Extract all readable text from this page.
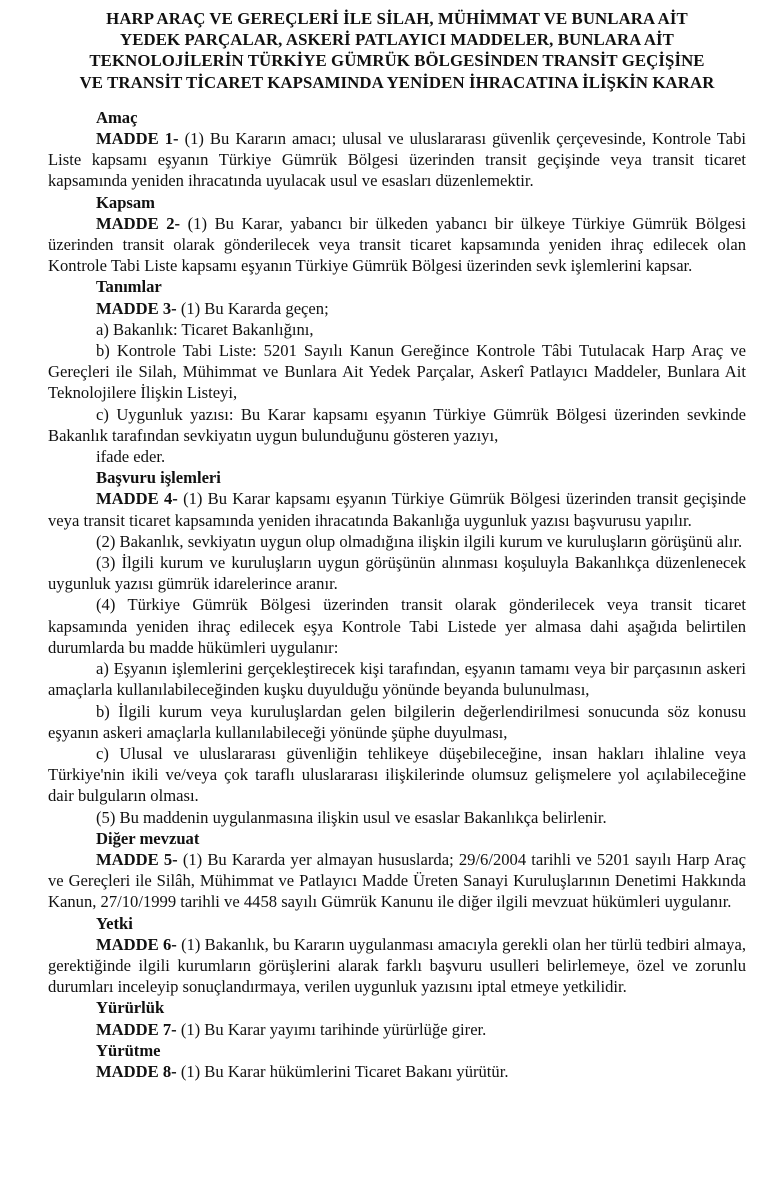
HARP ARAÇ VE GEREÇLERİ İLE SİLAH, MÜHİMMAT VE BUNLARA AİT
YEDEK PARÇALAR, ASKERİ PATLAYICI MADDELER, BUNLARA AİT
TEKNOLOJİLERİN TÜRKİYE GÜMRÜK BÖLGESİNDEN TRANSİT GEÇİŞİNE
VE TRANSİT TİCARET KAPSAMINDA YENİDEN İHRACATINA İLİŞKİN KARAR
Amaç

MADDE 1- (1) Bu Kararın amacı; ulusal ve uluslararası güvenlik çerçevesinde, Kontrole Tabi Liste kapsamı eşyanın Türkiye Gümrük Bölgesi üzerinden transit geçişinde veya transit ticaret kapsamında yeniden ihracatında uyulacak usul ve esasları düzenlemektir.

Kapsam

MADDE 2- (1) Bu Karar, yabancı bir ülkeden yabancı bir ülkeye Türkiye Gümrük Bölgesi üzerinden transit olarak gönderilecek veya transit ticaret kapsamında yeniden ihraç edilecek olan Kontrole Tabi Liste kapsamı eşyanın Türkiye Gümrük Bölgesi üzerinden sevk işlemlerini kapsar.

Tanımlar

MADDE 3- (1) Bu Kararda geçen;

a) Bakanlık: Ticaret Bakanlığını,

b) Kontrole Tabi Liste: 5201 Sayılı Kanun Gereğince Kontrole Tâbi Tutulacak Harp Araç ve Gereçleri ile Silah, Mühimmat ve Bunlara Ait Yedek Parçalar, Askerî Patlayıcı Maddeler, Bunlara Ait Teknolojilere İlişkin Listeyi,

c) Uygunluk yazısı: Bu Karar kapsamı eşyanın Türkiye Gümrük Bölgesi üzerinden sevkinde Bakanlık tarafından sevkiyatın uygun bulunduğunu gösteren yazıyı,

ifade eder.

Başvuru işlemleri

MADDE 4- (1) Bu Karar kapsamı eşyanın Türkiye Gümrük Bölgesi üzerinden transit geçişinde veya transit ticaret kapsamında yeniden ihracatında Bakanlığa uygunluk yazısı başvurusu yapılır.

(2) Bakanlık, sevkiyatın uygun olup olmadığına ilişkin ilgili kurum ve kuruluşların görüşünü alır.

(3) İlgili kurum ve kuruluşların uygun görüşünün alınması koşuluyla Bakanlıkça düzenlenecek uygunluk yazısı gümrük idarelerince aranır.

(4) Türkiye Gümrük Bölgesi üzerinden transit olarak gönderilecek veya transit ticaret kapsamında yeniden ihraç edilecek eşya Kontrole Tabi Listede yer almasa dahi aşağıda belirtilen durumlarda bu madde hükümleri uygulanır:

a) Eşyanın işlemlerini gerçekleştirecek kişi tarafından, eşyanın tamamı veya bir parçasının askeri amaçlarla kullanılabileceğinden kuşku duyulduğu yönünde beyanda bulunulması,

b) İlgili kurum veya kuruluşlardan gelen bilgilerin değerlendirilmesi sonucunda söz konusu eşyanın askeri amaçlarla kullanılabileceği yönünde şüphe duyulması,

c) Ulusal ve uluslararası güvenliğin tehlikeye düşebileceğine, insan hakları ihlaline veya Türkiye'nin ikili ve/veya çok taraflı uluslararası ilişkilerinde olumsuz gelişmelere yol açılabileceğine dair bulguların olması.

(5) Bu maddenin uygulanmasına ilişkin usul ve esaslar Bakanlıkça belirlenir.

Diğer mevzuat

MADDE 5- (1) Bu Kararda yer almayan hususlarda; 29/6/2004 tarihli ve 5201 sayılı Harp Araç ve Gereçleri ile Silâh, Mühimmat ve Patlayıcı Madde Üreten Sanayi Kuruluşlarının Denetimi Hakkında Kanun, 27/10/1999 tarihli ve 4458 sayılı Gümrük Kanunu ile diğer ilgili mevzuat hükümleri uygulanır.

Yetki

MADDE 6- (1) Bakanlık, bu Kararın uygulanması amacıyla gerekli olan her türlü tedbiri almaya, gerektiğinde ilgili kurumların görüşlerini alarak farklı başvuru usulleri belirlemeye, özel ve zorunlu durumları inceleyip sonuçlandırmaya, verilen uygunluk yazısını iptal etmeye yetkilidir.

Yürürlük

MADDE 7- (1) Bu Karar yayımı tarihinde yürürlüğe girer.

Yürütme

MADDE 8- (1) Bu Karar hükümlerini Ticaret Bakanı yürütür.
